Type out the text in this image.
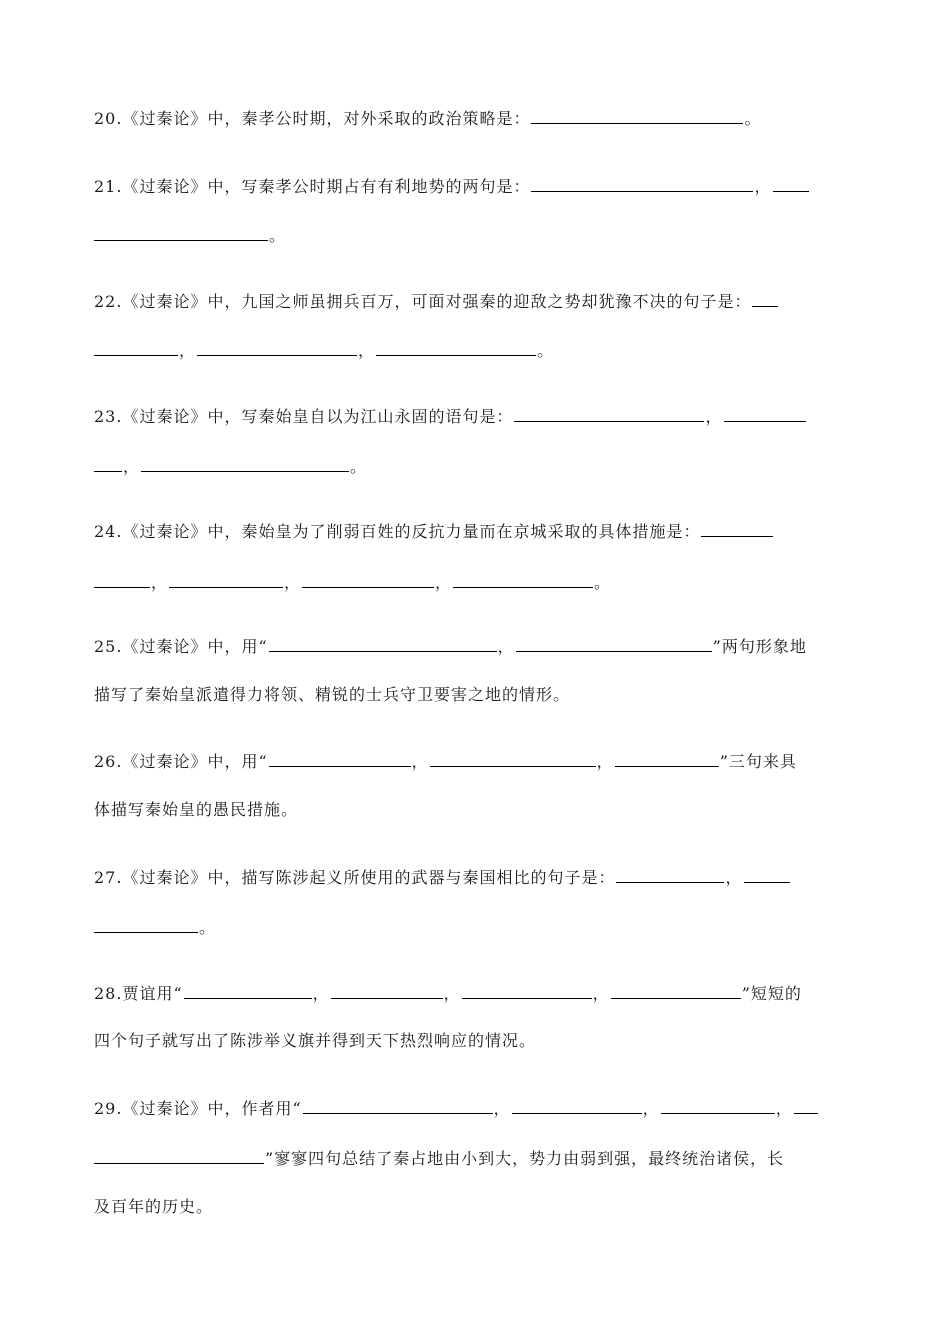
20.《过秦论》中，秦孝公时期，对外采取的政治策略是：	。
21.《过秦论》中，写秦孝公时期占有有利地势的两句是：	，
。
22.《过秦论》中，九国之师虽拥兵百万，可面对强秦的迎敌之势却犹豫不决的句子是：
，	，	。
23.《过秦论》中，写秦始皇自以为江山永固的语句是：	，
，	。
24.《过秦论》中，秦始皇为了削弱百姓的反抗力量而在京城采取的具体措施是：
，	，	，	。
25.《过秦论》中，用“	，	”两句形象地
描写了秦始皇派遣得力将领、精锐的士兵守卫要害之地的情形。
26.《过秦论》中，用“	，	，	”三句来具
体描写秦始皇的愚民措施。
27.《过秦论》中，描写陈涉起义所使用的武器与秦国相比的句子是：	，
。
28.贾谊用“	，	，	，	”短短的
四个句子就写出了陈涉举义旗并得到天下热烈响应的情况。
29.《过秦论》中，作者用“	，	，	，
”寥寥四句总结了秦占地由小到大，势力由弱到强，最终统治诸侯，长
及百年的历史。
